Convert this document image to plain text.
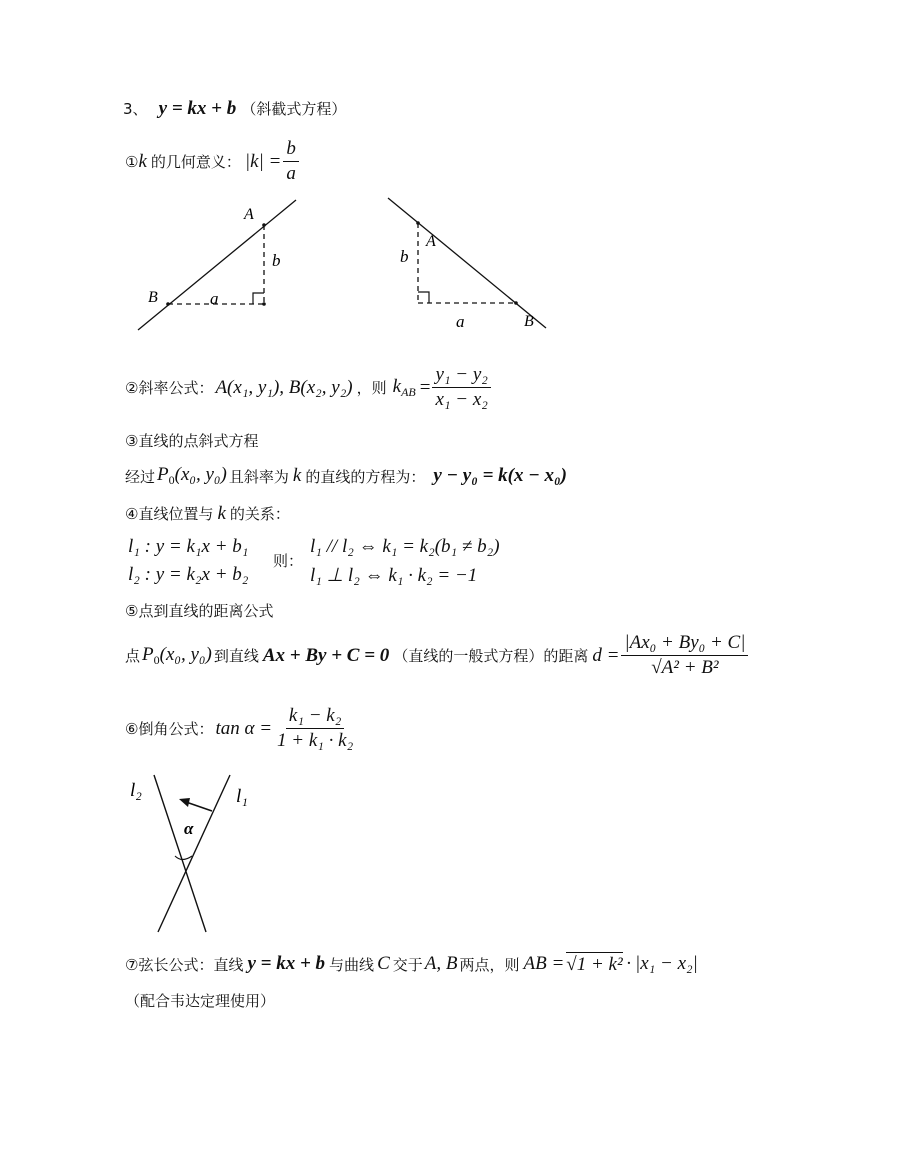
3、 y = kx + b （斜截式方程）
① k 的几何意义： $|k| = \frac{b}{a}$
A
B	a
b
A
B
a
b
②斜率公式： A(x₁, y₁), B(x₂, y₂) ，则 $k_{AB} = \frac{\text{y₁ − y₂}}{\text{x₁ − x₂}}$
③直线的点斜式方程
经过 $P_0(x_0$, y₀) 且斜率为 k 的直线的方程为： y − y₀ = k(x − x₀)
④直线位置与 k 的关系：
l₁ : y = k₁x + b₁
l₂ : y = k₂x + b₂
则：
l₁ // l₂ ⇔ k₁ = k₂(b₁ ≠ b₂)
l₁ ⊥ l₂ ⇔ k₁ · k₂ = −1
⑤点到直线的距离公式
点 $P_0(x_0$, y₀) 到直线 Ax + By + C = 0 （直线的一般式方程）的距离 $d = \frac{\text{|Ax₀ + By₀ + C|}}{\text{√A² + B²}}$
⑥倒角公式： $\tan \alpha = \frac{\text{k₁ − k₂}}{\text{1 + k₁ · k₂}}$
l₂	l₁
α
⑦弦长公式：直线 y = kx + b 与曲线 C 交于 A, B 两点，则 AB = √1 + k² · |x₁ − x₂|
（配合韦达定理使用）
